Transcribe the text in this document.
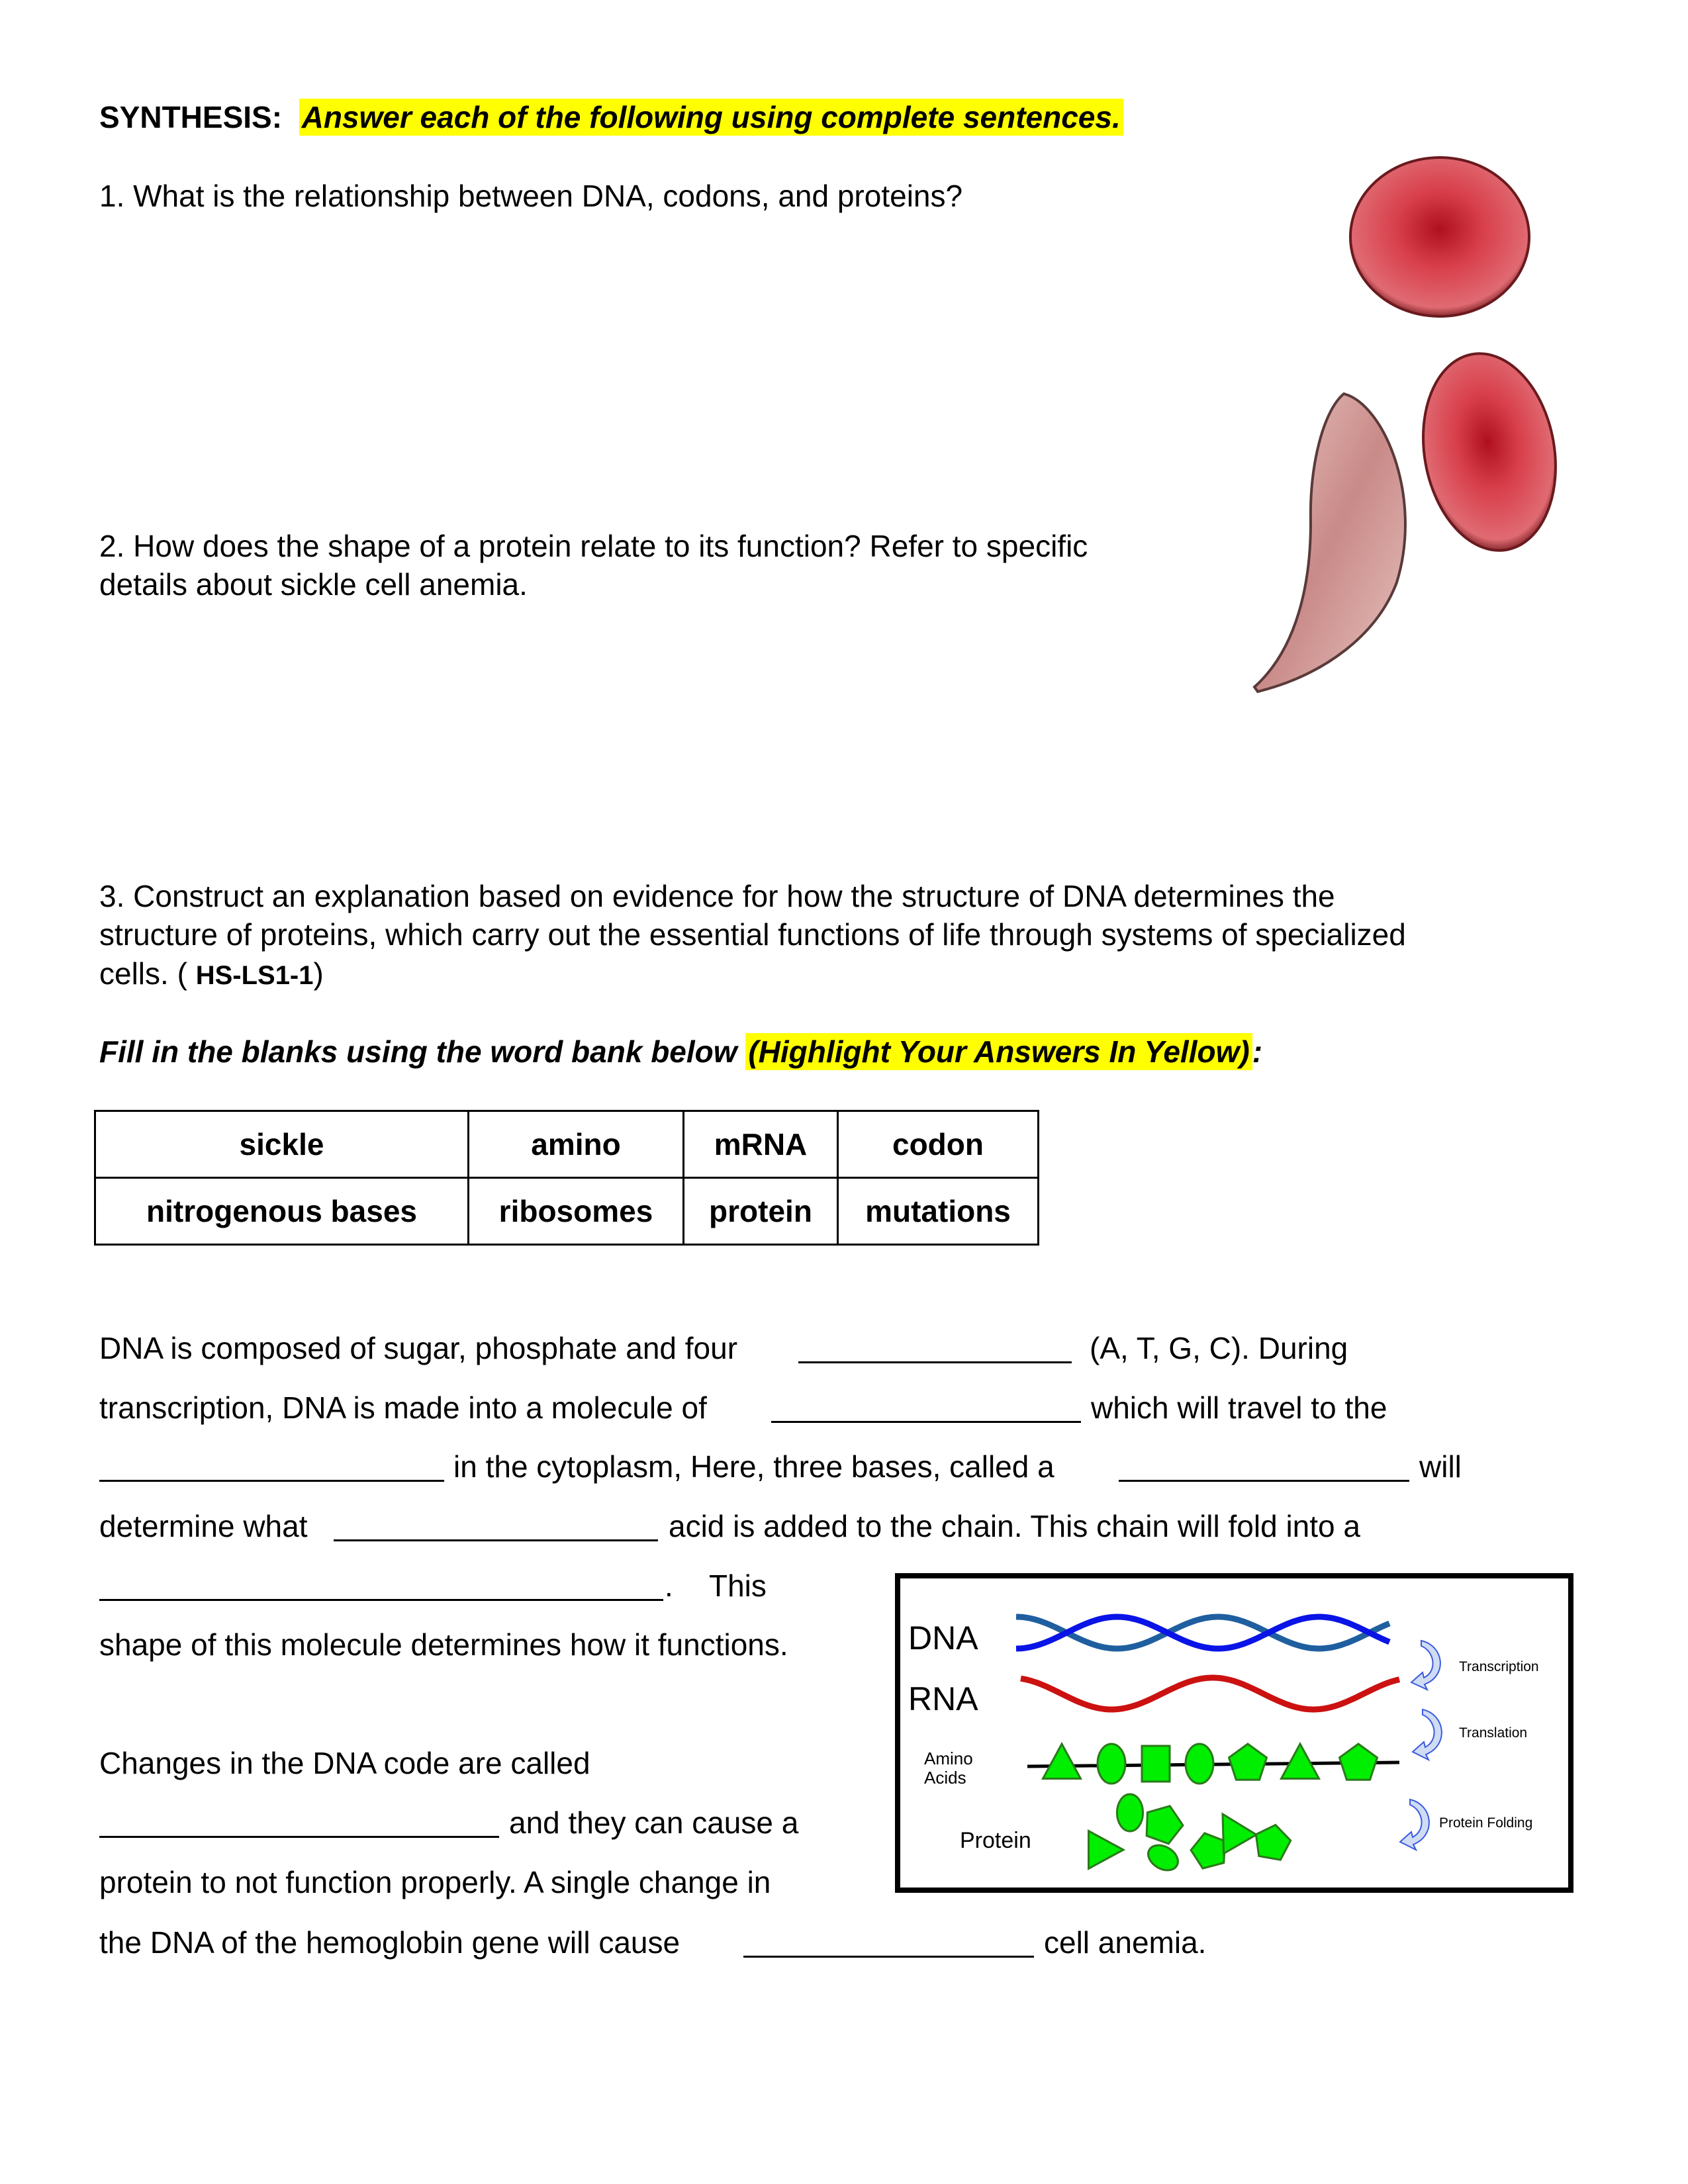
SYNTHESIS: Answer each of the following using complete sentences.
1. What is the relationship between DNA, codons, and proteins?
2. How does the shape of a protein relate to its function? Refer to specific
details about sickle cell anemia.
3. Construct an explanation based on evidence for how the structure of DNA determines the
structure of proteins, which carry out the essential functions of life through systems of specialized
cells. ( HS-LS1-1)
Fill in the blanks using the word bank below (Highlight Your Answers In Yellow):
sickle	amino	mRNA	codon
nitrogenous bases	ribosomes	protein	mutations
DNA is composed of sugar, phosphate and four	(A, T, G, C). During
transcription, DNA is made into a molecule of	which will travel to the
in the cytoplasm, Here, three bases, called a	will
determine what	acid is added to the chain. This chain will fold into a
. This
shape of this molecule determines how it functions.
Changes in the DNA code are called
and they can cause a
protein to not function properly. A single change in
the DNA of the hemoglobin gene will cause	cell anemia.
DNA
RNA
Amino
Acids
Protein
Transcription
Translation
Protein Folding
